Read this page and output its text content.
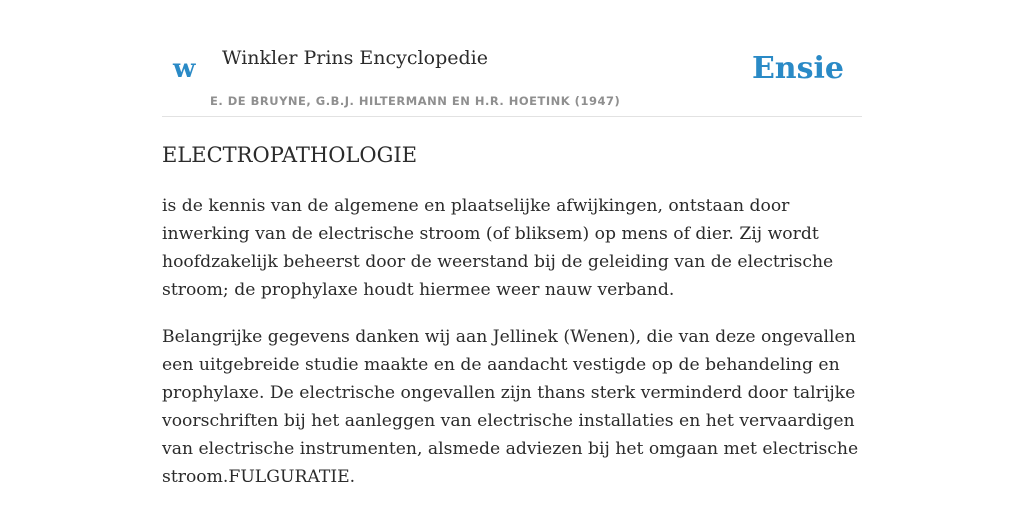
w Winkler Prins Encyclopedie
E. DE BRUYNE, G.B.J. HILTERMANN EN H.R. HOETINK (1947)
Ensie
ELECTROPATHOLOGIE

is de kennis van de algemene en plaatselijke afwijkingen, ontstaan door inwerking van de electrische stroom (of bliksem) op mens of dier. Zij wordt hoofdzakelijk beheerst door de weerstand bij de geleiding van de electrische stroom; de prophylaxe houdt hiermee weer nauw verband.

Belangrijke gegevens danken wij aan Jellinek (Wenen), die van deze ongevallen een uitgebreide studie maakte en de aandacht vestigde op de behandeling en prophylaxe. De electrische ongevallen zijn thans sterk verminderd door talrijke voorschriften bij het aanleggen van electrische installaties en het vervaardigen van electrische instrumenten, alsmede adviezen bij het omgaan met electrische stroom.FULGURATIE.
